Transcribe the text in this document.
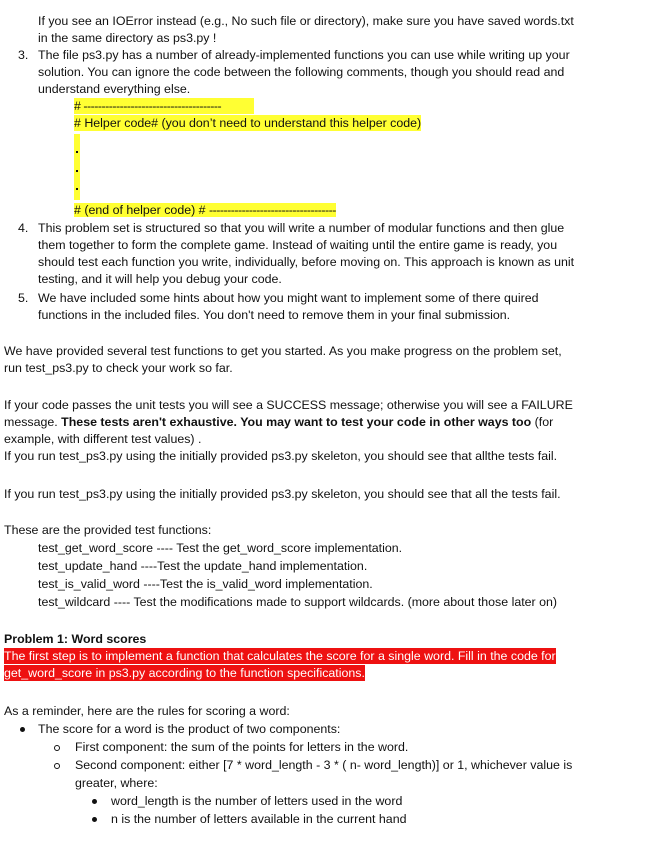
If you see an IOError instead (e.g., No such file or directory), make sure you have saved words.txt
in the same directory as ps3.py !
3. The file ps3.py has a number of already-implemented functions you can use while writing up your
solution. You can ignore the code between the following comments, though you should read and
understand everything else.
# --------------------------------------
# Helper code# (you don’t need to understand this helper code)
# (end of helper code) # -----------------------------------
4. This problem set is structured so that you will write a number of modular functions and then glue
them together to form the complete game. Instead of waiting until the entire game is ready, you
should test each function you write, individually, before moving on. This approach is known as unit
testing, and it will help you debug your code.
5. We have included some hints about how you might want to implement some of there quired
functions in the included files. You don't need to remove them in your final submission.
We have provided several test functions to get you started. As you make progress on the problem set,
run test_ps3.py to check your work so far.
If your code passes the unit tests you will see a SUCCESS message; otherwise you will see a FAILURE
message. These tests aren't exhaustive. You may want to test your code in other ways too (for
example, with different test values) .
If you run test_ps3.py using the initially provided ps3.py skeleton, you should see that allthe tests fail.
If you run test_ps3.py using the initially provided ps3.py skeleton, you should see that all the tests fail.
These are the provided test functions:
test_get_word_score ---- Test the get_word_score implementation.
test_update_hand ----Test the update_hand implementation.
test_is_valid_word ----Test the is_valid_word implementation.
test_wildcard ---- Test the modifications made to support wildcards. (more about those later on)
Problem 1: Word scores
The first step is to implement a function that calculates the score for a single word. Fill in the code for
get_word_score in ps3.py according to the function specifications.
As a reminder, here are the rules for scoring a word:
The score for a word is the product of two components:
First component: the sum of the points for letters in the word.
Second component: either [7 * word_length - 3 * ( n- word_length)] or 1, whichever value is
greater, where:
word_length is the number of letters used in the word
n is the number of letters available in the current hand
